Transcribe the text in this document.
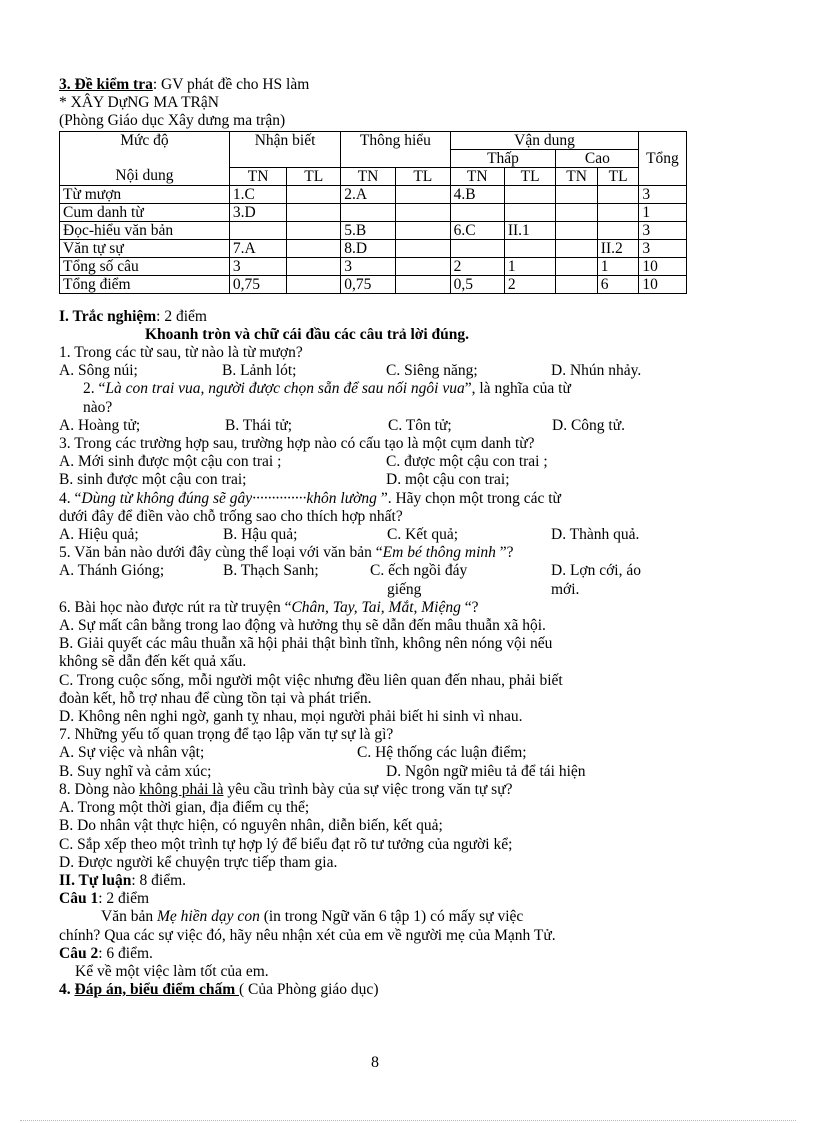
3. Đề kiểm tra: GV phát đề cho HS làm
* XÂY DựNG MA TRậN
(Phòng Giáo dục Xây dưng ma trận)
Mức độ	Nhận biết		Thông hiểu		Vận dung				Tổng
					Thấp		Cao		
Nội dung	TN	TL	TN	TL	TN	TL	TN	TL	
Từ mượn	1.C		2.A		4.B				3
Cum danh từ	3.D								1
Đọc-hiểu văn bản			5.B		6.C	II.1			3
Văn tự sự	7.A		8.D					II.2	3
Tổng số câu	3		3		2	1		1	10
Tổng điểm	0,75		0,75		0,5	2		6	10
I. Trắc nghiệm: 2 điểm
Khoanh tròn và chữ cái đầu các câu trả lời đúng.
1. Trong các từ sau, từ nào là từ mượn?
A. Sông núi;	B. Lảnh lót;	C. Siêng năng;	D. Nhún nhảy.
2. “Là con trai vua, người được chọn sẵn để sau nối ngôi vua”, là nghĩa của từ
nào?
A. Hoàng tử;	B. Thái tử;	C. Tôn tử;	D. Công tử.
3. Trong các trường hợp sau, trường hợp nào có cấu tạo là một cụm danh từ?
A. Mới sinh được một cậu con trai ;	C. được một cậu con trai ;
B. sinh được một cậu con trai;	D. một cậu con trai;
4. “Dùng từ không đúng sẽ gây··············khôn lường ”. Hãy chọn một trong các từ
dưới đây để điền vào chỗ trống sao cho thích hợp nhất?
A. Hiệu quả;	B. Hậu quả;	C. Kết quả;	D. Thành quả.
5. Văn bản nào dưới đây cùng thể loại với văn bản “Em bé thông minh ”?
A. Thánh Gióng;	B. Thạch Sanh;	C. ếch ngồi đáy	D. Lợn cới, áo
giếng	mới.
6. Bài học nào được rút ra từ truyện “Chân, Tay, Tai, Mắt, Miệng “?
A. Sự mất cân bằng trong lao động và hưởng thụ sẽ dẫn đến mâu thuẫn xã hội.
B. Giải quyết các mâu thuẫn xã hội phải thật bình tĩnh, không nên nóng vội nếu
không sẽ dẫn đến kết quả xấu.
C. Trong cuộc sống, mỗi người một việc nhưng đều liên quan đến nhau, phải biết
đoàn kết, hỗ trợ nhau để cùng tồn tại và phát triển.
D. Không nên nghi ngờ, ganh tỵ nhau, mọi người phải biết hi sinh vì nhau.
7. Những yếu tố quan trọng để tạo lập văn tự sự là gì?
A. Sự việc và nhân vật;	C. Hệ thống các luận điểm;
B. Suy nghĩ và cảm xúc;	D. Ngôn ngữ miêu tả để tái hiện
8. Dòng nào không phải là yêu cầu trình bày của sự việc trong văn tự sự?
A. Trong một thời gian, địa điểm cụ thể;
B. Do nhân vật thực hiện, có nguyên nhân, diễn biến, kết quả;
C. Sắp xếp theo một trình tự hợp lý để biểu đạt rõ tư tưởng của người kể;
D. Được người kể chuyện trực tiếp tham gia.
II. Tự luận: 8 điểm.
Câu 1: 2 điểm
Văn bản Mẹ hiền dạy con (in trong Ngữ văn 6 tập 1) có mấy sự việc
chính? Qua các sự việc đó, hãy nêu nhận xét của em về người mẹ của Mạnh Tử.
Câu 2: 6 điểm.
Kể về một việc làm tốt của em.
4. Đáp án, biểu điểm chấm ( Của Phòng giáo dục)
8
